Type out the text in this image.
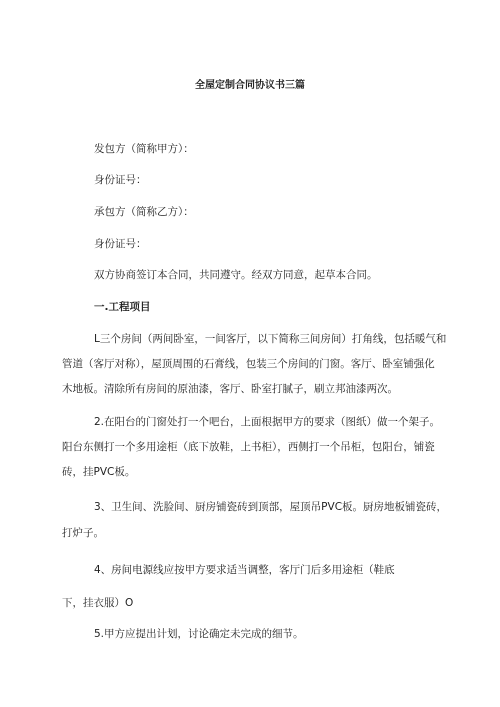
全屋定制合同协议书三篇
发包方（简称甲方）：
身份证号：
承包方（简称乙方）：
身份证号：
双方协商签订本合同，共同遵守。经双方同意，起草本合同。
一.工程项目
L三个房间（两间卧室，一间客厅，以下简称三间房间）打角线，包括暖气和
管道（客厅对称），屋顶周围的石膏线，包装三个房间的门窗。客厅、卧室铺强化
木地板。清除所有房间的原油漆，客厅、卧室打腻子，刷立邦油漆两次。
2.在阳台的门窗处打一个吧台，上面根据甲方的要求（图纸）做一个架子。
阳台东侧打一个多用途柜（底下放鞋，上书柜），西侧打一个吊柜，包阳台，铺瓷
砖，挂PVC板。
3、卫生间、洗脸间、厨房铺瓷砖到顶部，屋顶吊PVC板。厨房地板铺瓷砖，
打炉子。
4、房间电源线应按甲方要求适当调整，客厅门后多用途柜（鞋底
下，挂衣服）O
5.甲方应提出计划，讨论确定未完成的细节。
